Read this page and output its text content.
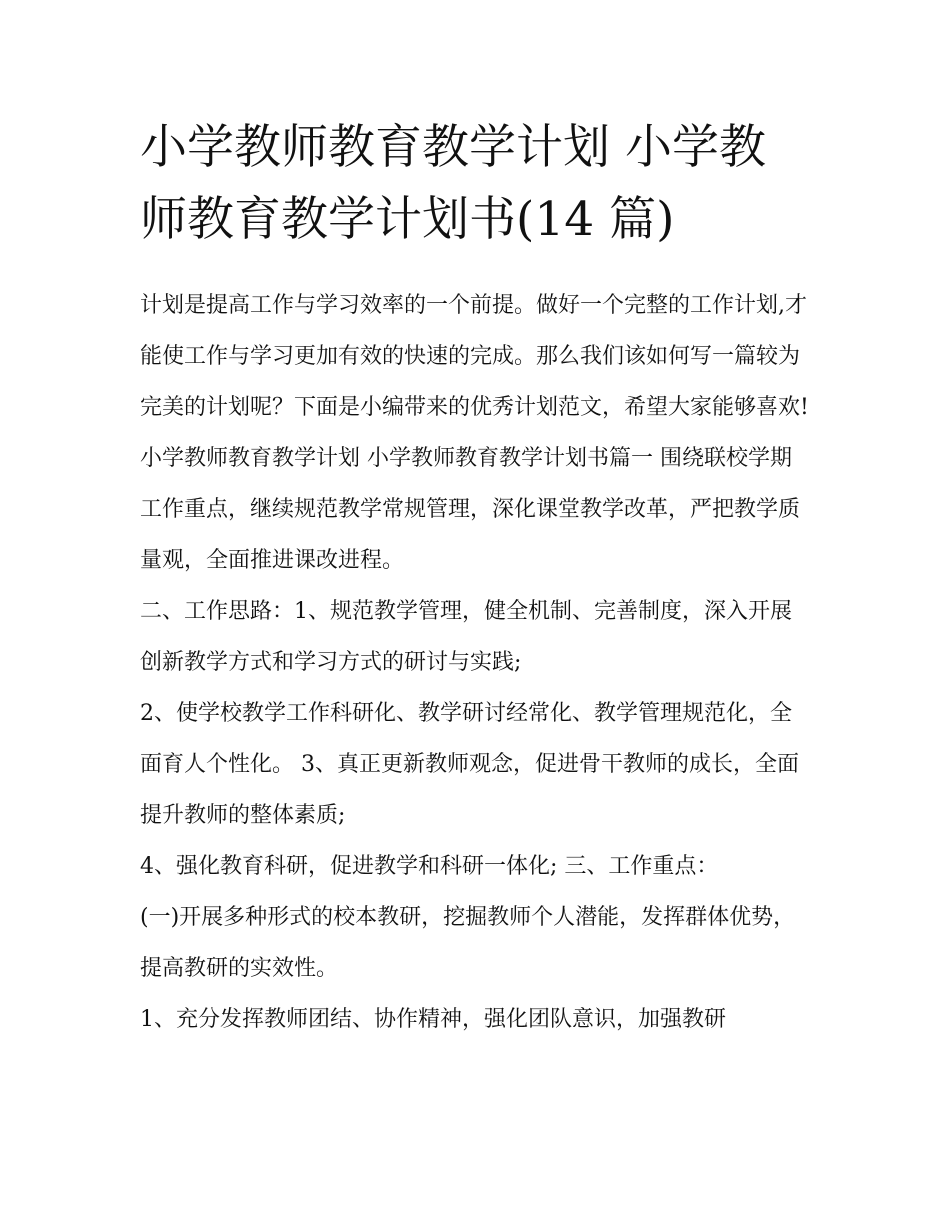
小学教师教育教学计划 小学教师教育教学计划书(14 篇)

计划是提高工作与学习效率的一个前提。做好一个完整的工作计划,才能使工作与学习更加有效的快速的完成。那么我们该如何写一篇较为完美的计划呢？下面是小编带来的优秀计划范文，希望大家能够喜欢!

小学教师教育教学计划 小学教师教育教学计划书篇一 围绕联校学期工作重点，继续规范教学常规管理，深化课堂教学改革，严把教学质量观，全面推进课改进程。

二、工作思路：1、规范教学管理，健全机制、完善制度，深入开展创新教学方式和学习方式的研讨与实践;

2、使学校教学工作科研化、教学研讨经常化、教学管理规范化，全面育人个性化。 3、真正更新教师观念，促进骨干教师的成长，全面提升教师的整体素质;

4、强化教育科研，促进教学和科研一体化; 三、工作重点：

(一)开展多种形式的校本教研，挖掘教师个人潜能，发挥群体优势，提高教研的实效性。

1、充分发挥教师团结、协作精神，强化团队意识，加强教研
